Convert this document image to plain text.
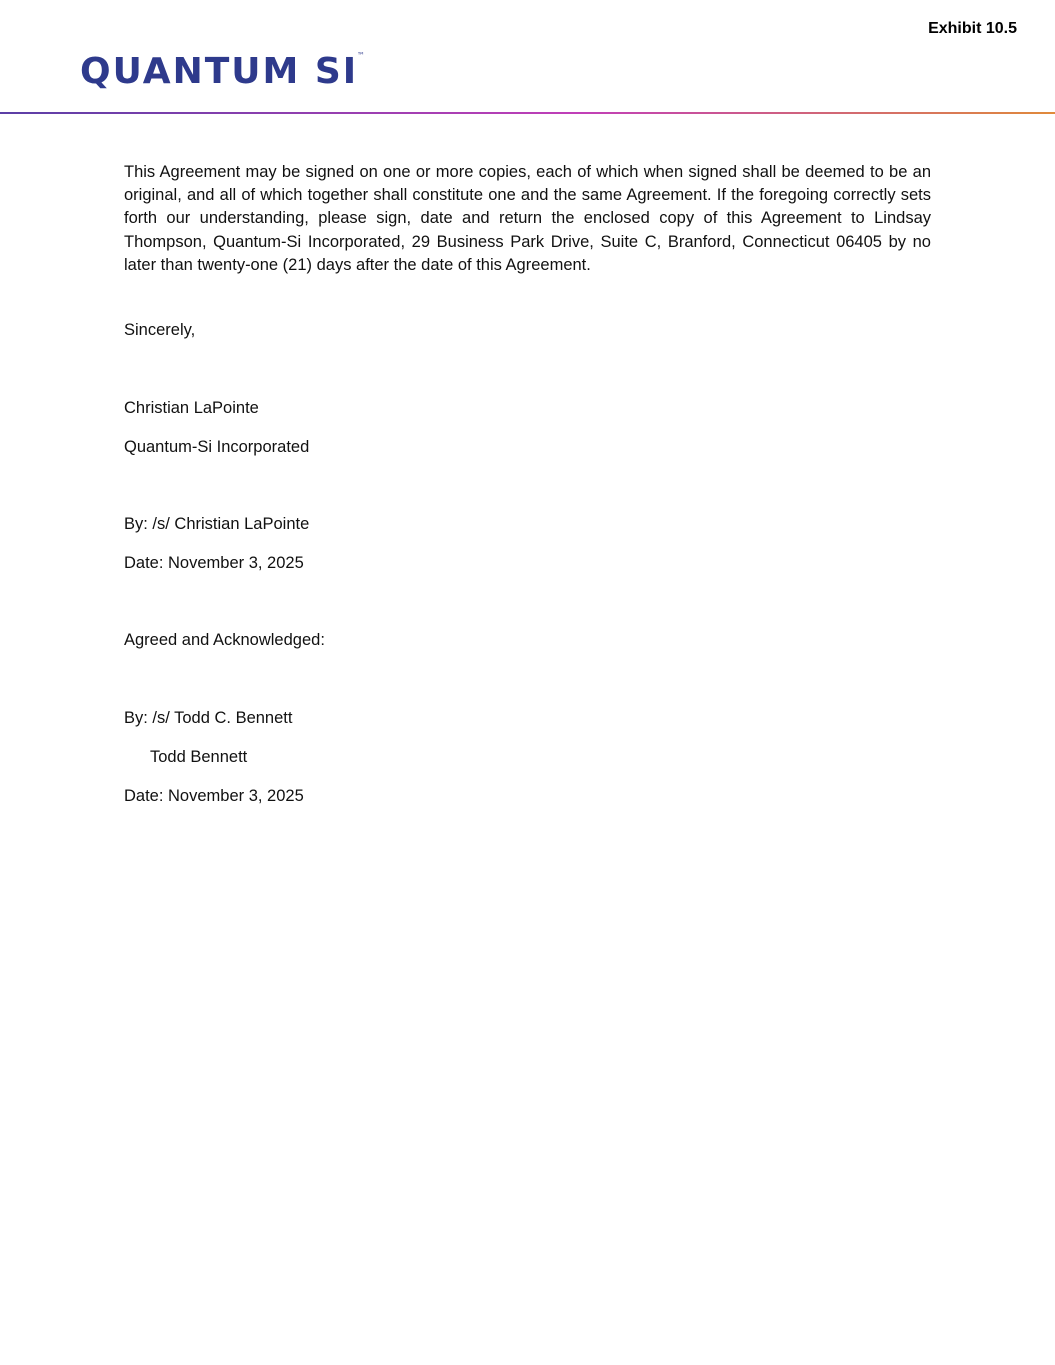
Exhibit 10.5

QUANTUM SI
™

This Agreement may be signed on one or more copies, each of which when signed shall be deemed to be an original, and all of which together shall constitute one and the same Agreement. If the foregoing correctly sets forth our understanding, please sign, date and return the enclosed copy of this Agreement to Lindsay Thompson, Quantum-Si Incorporated, 29 Business Park Drive, Suite C, Branford, Connecticut 06405 by no later than twenty-one (21) days after the date of this Agreement.

Sincerely,

Christian LaPointe

Quantum-Si Incorporated

By: /s/ Christian LaPointe

Date: November 3, 2025

Agreed and Acknowledged:

By: /s/ Todd C. Bennett

Todd Bennett

Date: November 3, 2025
